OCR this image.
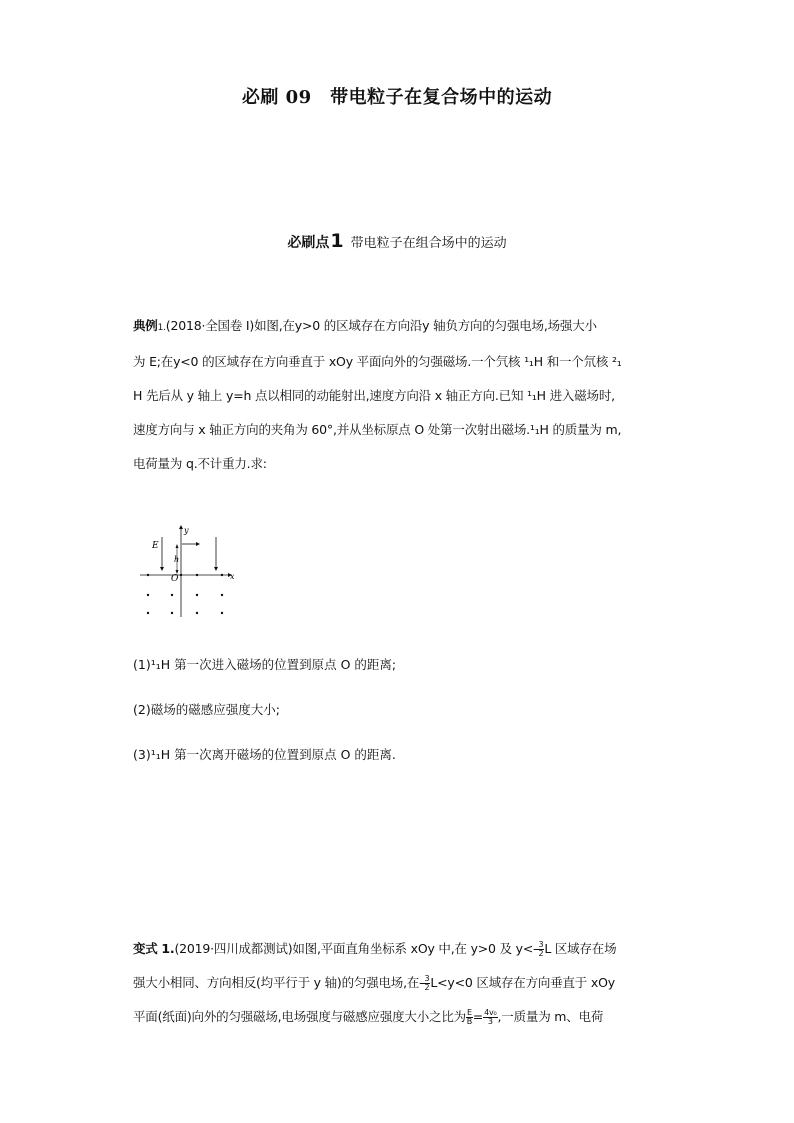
必刷 09　带电粒子在复合场中的运动
必刷点1 带电粒子在组合场中的运动
典例1.(2018·全国卷 I)如图,在y>0 的区域存在方向沿y 轴负方向的匀强电场,场强大小
为 E;在y<0 的区域存在方向垂直于 xOy 平面向外的匀强磁场.一个氕核 ¹₁H 和一个氘核 ²₁
H 先后从 y 轴上 y=h 点以相同的动能射出,速度方向沿 x 轴正方向.已知 ¹₁H 进入磁场时,
速度方向与 x 轴正方向的夹角为 60°,并从坐标原点 O 处第一次射出磁场.¹₁H 的质量为 m,
电荷量为 q.不计重力.求:
E
h
O
y
x
(1)¹₁H 第一次进入磁场的位置到原点 O 的距离;
(2)磁场的磁感应强度大小;
(3)¹₁H 第一次离开磁场的位置到原点 O 的距离.
变式 1.(2019·四川成都测试)如图,平面直角坐标系 xOy 中,在 y>0 及 $y<- \frac{3}{2}$ L 区域存在场
强大小相同、方向相反(均平行于 y 轴)的匀强电场,在- $\frac{3}{2} L<y<0$ 区域存在方向垂直于 xOy
平面(纸面)向外的匀强磁场,电场强度与磁感应强度大小之比为 $\frac{E}{B} = \frac{\text{4v₀}}{3}$ ,一质量为 m、电荷
